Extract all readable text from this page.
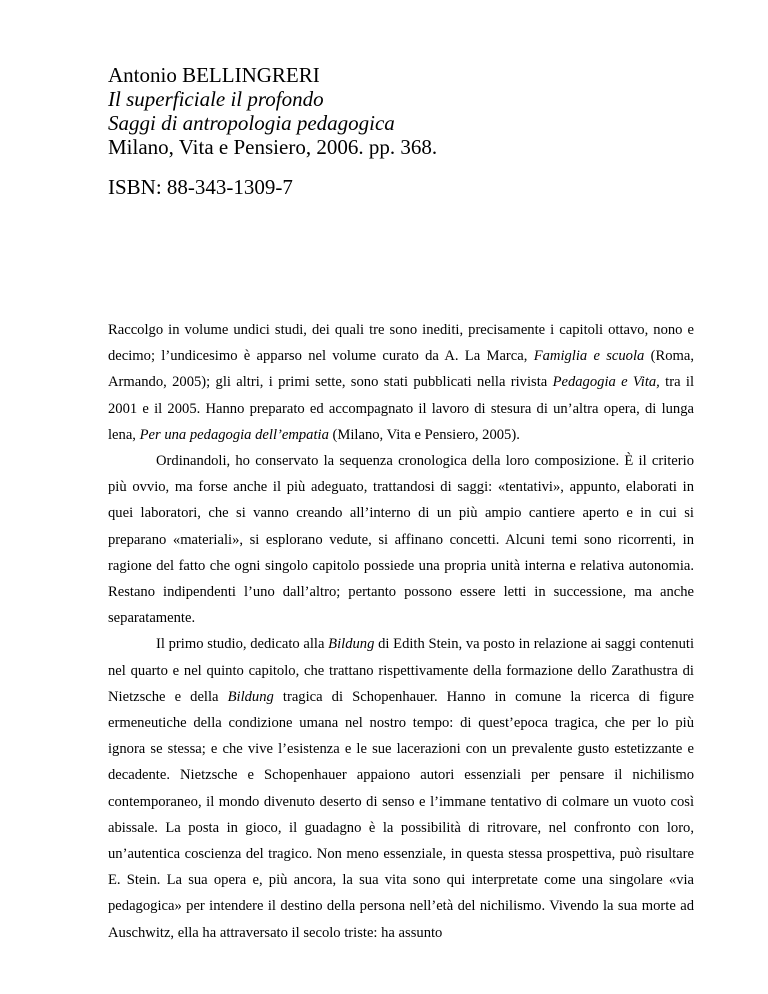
Antonio BELLINGRERI
Il superficiale il profondo
Saggi di antropologia pedagogica
Milano, Vita e Pensiero, 2006. pp. 368.
ISBN: 88-343-1309-7

Raccolgo in volume undici studi, dei quali tre sono inediti, precisamente i capitoli ottavo, nono e decimo; l’undicesimo è apparso nel volume curato da A. La Marca, Famiglia e scuola (Roma, Armando, 2005); gli altri, i primi sette, sono stati pubblicati nella rivista Pedagogia e Vita, tra il 2001 e il 2005. Hanno preparato ed accompagnato il lavoro di stesura di un’altra opera, di lunga lena, Per una pedagogia dell’empatia (Milano, Vita e Pensiero, 2005).

Ordinandoli, ho conservato la sequenza cronologica della loro composizione. È il criterio più ovvio, ma forse anche il più adeguato, trattandosi di saggi: «tentativi», appunto, elaborati in quei laboratori, che si vanno creando all’interno di un più ampio cantiere aperto e in cui si preparano «materiali», si esplorano vedute, si affinano concetti. Alcuni temi sono ricorrenti, in ragione del fatto che ogni singolo capitolo possiede una propria unità interna e relativa autonomia. Restano indipendenti l’uno dall’altro; pertanto possono essere letti in successione, ma anche separatamente.

Il primo studio, dedicato alla Bildung di Edith Stein, va posto in relazione ai saggi contenuti nel quarto e nel quinto capitolo, che trattano rispettivamente della formazione dello Zarathustra di Nietzsche e della Bildung tragica di Schopenhauer. Hanno in comune la ricerca di figure ermeneutiche della condizione umana nel nostro tempo: di quest’epoca tragica, che per lo più ignora se stessa; e che vive l’esistenza e le sue lacerazioni con un prevalente gusto estetizzante e decadente. Nietzsche e Schopenhauer appaiono autori essenziali per pensare il nichilismo contemporaneo, il mondo divenuto deserto di senso e l’immane tentativo di colmare un vuoto così abissale. La posta in gioco, il guadagno è la possibilità di ritrovare, nel confronto con loro, un’autentica coscienza del tragico. Non meno essenziale, in questa stessa prospettiva, può risultare E. Stein. La sua opera e, più ancora, la sua vita sono qui interpretate come una singolare «via pedagogica» per intendere il destino della persona nell’età del nichilismo. Vivendo la sua morte ad Auschwitz, ella ha attraversato il secolo triste: ha assunto
